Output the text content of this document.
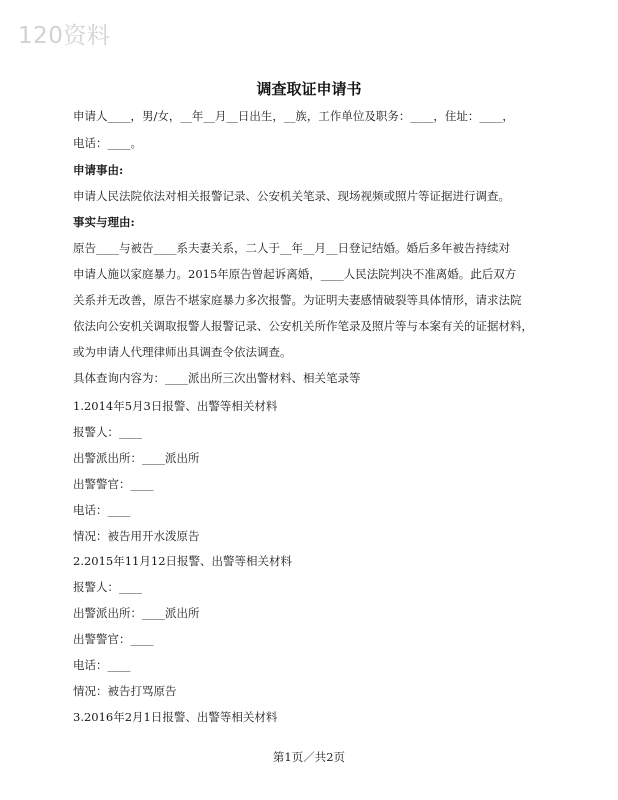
120资料
调查取证申请书
申请人____，男/女，__年__月__日出生，__族，工作单位及职务：____，住址：____，
电话：____。
申请事由:
申请人民法院依法对相关报警记录、公安机关笔录、现场视频或照片等证据进行调查。
事实与理由:
原告____与被告____系夫妻关系，二人于__年__月__日登记结婚。婚后多年被告持续对
申请人施以家庭暴力。2015年原告曾起诉离婚，____人民法院判决不准离婚。此后双方
关系并无改善，原告不堪家庭暴力多次报警。为证明夫妻感情破裂等具体情形，请求法院
依法向公安机关调取报警人报警记录、公安机关所作笔录及照片等与本案有关的证据材料，
或为申请人代理律师出具调查令依法调查。
具体查询内容为：____派出所三次出警材料、相关笔录等
1.2014年5月3日报警、出警等相关材料
报警人：____
出警派出所：____派出所
出警警官：____
电话：____
情况：被告用开水泼原告
2.2015年11月12日报警、出警等相关材料
报警人：____
出警派出所：____派出所
出警警官：____
电话：____
情况：被告打骂原告
3.2016年2月1日报警、出警等相关材料
第1页／共2页
